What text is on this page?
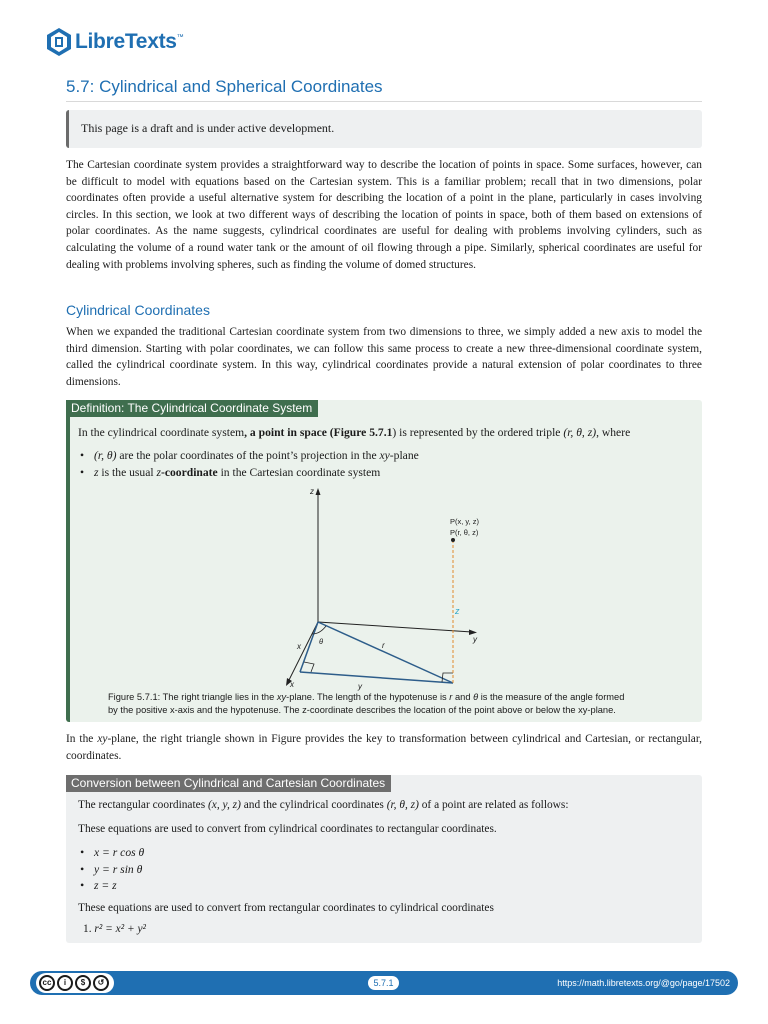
LibreTexts ™
5.7: Cylindrical and Spherical Coordinates
This page is a draft and is under active development.

The Cartesian coordinate system provides a straightforward way to describe the location of points in space. Some surfaces, however, can be difficult to model with equations based on the Cartesian system. This is a familiar problem; recall that in two dimensions, polar coordinates often provide a useful alternative system for describing the location of a point in the plane, particularly in cases involving circles. In this section, we look at two different ways of describing the location of points in space, both of them based on extensions of polar coordinates. As the name suggests, cylindrical coordinates are useful for dealing with problems involving cylinders, such as calculating the volume of a round water tank or the amount of oil flowing through a pipe. Similarly, spherical coordinates are useful for dealing with problems involving spheres, such as finding the volume of domed structures.

Cylindrical Coordinates

When we expanded the traditional Cartesian coordinate system from two dimensions to three, we simply added a new axis to model the third dimension. Starting with polar coordinates, we can follow this same process to create a new three-dimensional coordinate system, called the cylindrical coordinate system. In this way, cylindrical coordinates provide a natural extension of polar coordinates to three dimensions.

Definition: The Cylindrical Coordinate System

In the cylindrical coordinate system, a point in space (Figure 5.7.1) is represented by the ordered triple (r, θ, z), where

• (r, θ) are the polar coordinates of the point’s projection in the xy-plane
• z is the usual z-coordinate in the Cartesian coordinate system
z
y
x
P(x, y, z)
P(r, θ, z)
z
r
θ
x
y

Figure 5.7.1: The right triangle lies in the xy-plane. The length of the hypotenuse is r and θ is the measure of the angle formed
by the positive x-axis and the hypotenuse. The z-coordinate describes the location of the point above or below the xy-plane.

In the xy-plane, the right triangle shown in Figure provides the key to transformation between cylindrical and Cartesian, or rectangular, coordinates.

Conversion between Cylindrical and Cartesian Coordinates

The rectangular coordinates (x, y, z) and the cylindrical coordinates (r, θ, z) of a point are related as follows:

These equations are used to convert from cylindrical coordinates to rectangular coordinates.

• x = r cos θ
• y = r sin θ
• z = z

These equations are used to convert from rectangular coordinates to cylindrical coordinates

1. r² = x² + y²

cc	i	$	↺	5.7.1	https://math.libretexts.org/@go/page/17502
